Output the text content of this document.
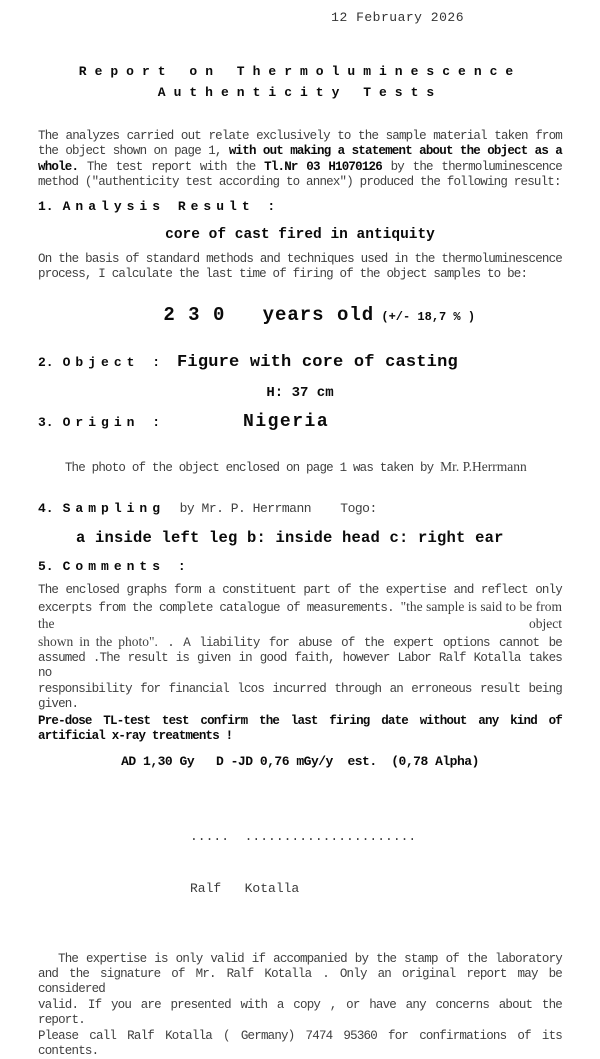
12 February 2026
Report on Thermoluminescence
Authenticity Tests
The analyzes carried out relate exclusively to the sample material taken from
the object shown on page 1, with out making a statement about the object as a
whole. The test report with the Tl.Nr 03 H1070126 by the thermoluminescence
method ("authenticity test according to annex") produced the following result:
1. Analysis Result :
core of cast fired in antiquity
On the basis of standard methods and techniques used in the thermoluminescence
process, I calculate the last time of firing of the object samples to be:

2 3 0   years old (+/- 18,7 % )

2. Object : Figure with core of casting
H: 37 cm
3. Origin :	Nigeria

The photo of the object enclosed on page 1 was taken by Mr. P.Herrmann

4. Sampling by Mr. P. Herrmann    Togo:
a inside left leg b: inside head c: right ear
5. Comments :
The enclosed graphs form a constituent part of the expertise and reflect only
excerpts from the complete catalogue of measurements. "the sample is said to be from the object
shown in the photo". . A liability for abuse of the expert options cannot be
assumed .The result is given in good faith, however Labor Ralf Kotalla takes no
responsibility for financial lcos incurred through an erroneous result being
given.
Pre-dose TL-test test confirm the last firing date without any kind of
artificial x-ray treatments !
AD 1,30 Gy   D -JD 0,76 mGy/y  est.  (0,78 Alpha)

.....  ......................

Ralf   Kotalla

The expertise is only valid if accompanied by the stamp of the laboratory
and the signature of Mr. Ralf Kotalla . Only an original report may be considered
valid. If you are presented with a copy , or have any concerns about the report.
Please call Ralf Kotalla ( Germany) 7474 95360 for confirmations of its contents.
